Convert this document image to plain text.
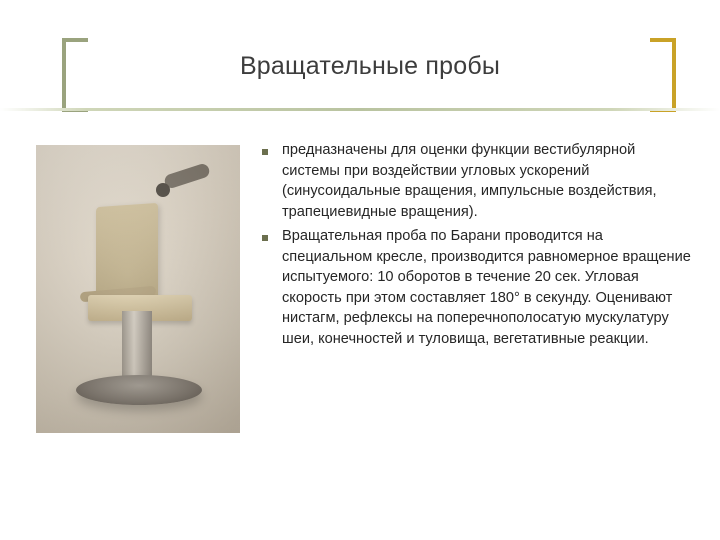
Вращательные пробы
предназначены для оценки функции вестибулярной системы при воздействии угловых ускорений (синусоидальные вращения, импульсные воздействия, трапециевидные вращения).
Вращательная проба по Барани проводится на специальном кресле, производится равномерное вращение испытуемого: 10 оборотов в течение 20 сек. Угловая скорость при этом составляет 180° в секунду. Оценивают нистагм, рефлексы на поперечнополосатую мускулатуру шеи, конечностей и туловища, вегетативные реакции.
